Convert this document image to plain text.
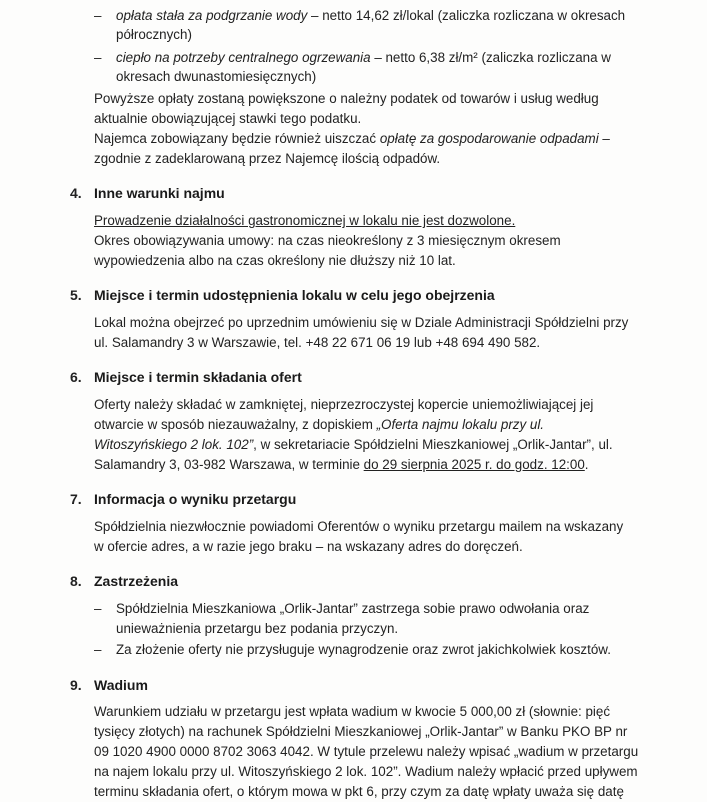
– opłata stała za podgrzanie wody – netto 14,62 zł/lokal (zaliczka rozliczana w okresach
półrocznych)
– ciepło na potrzeby centralnego ogrzewania – netto 6,38 zł/m² (zaliczka rozliczana w
okresach dwunastomiesięcznych)
Powyższe opłaty zostaną powiększone o należny podatek od towarów i usług według
aktualnie obowiązującej stawki tego podatku.
Najemca zobowiązany będzie również uiszczać opłatę za gospodarowanie odpadami –
zgodnie z zadeklarowaną przez Najemcę ilością odpadów.
4. Inne warunki najmu
Prowadzenie działalności gastronomicznej w lokalu nie jest dozwolone.
Okres obowiązywania umowy: na czas nieokreślony z 3 miesięcznym okresem
wypowiedzenia albo na czas określony nie dłuższy niż 10 lat.
5. Miejsce i termin udostępnienia lokalu w celu jego obejrzenia
Lokal można obejrzeć po uprzednim umówieniu się w Dziale Administracji Spółdzielni przy
ul. Salamandry 3 w Warszawie, tel. +48 22 671 06 19 lub +48 694 490 582.
6. Miejsce i termin składania ofert
Oferty należy składać w zamkniętej, nieprzezroczystej kopercie uniemożliwiającej jej
otwarcie w sposób niezauważalny, z dopiskiem „Oferta najmu lokalu przy ul.
Witoszyńskiego 2 lok. 102”, w sekretariacie Spółdzielni Mieszkaniowej „Orlik-Jantar”, ul.
Salamandry 3, 03-982 Warszawa, w terminie do 29 sierpnia 2025 r. do godz. 12:00.
7. Informacja o wyniku przetargu
Spółdzielnia niezwłocznie powiadomi Oferentów o wyniku przetargu mailem na wskazany
w ofercie adres, a w razie jego braku – na wskazany adres do doręczeń.
8. Zastrzeżenia
– Spółdzielnia Mieszkaniowa „Orlik-Jantar” zastrzega sobie prawo odwołania oraz
unieważnienia przetargu bez podania przyczyn.
– Za złożenie oferty nie przysługuje wynagrodzenie oraz zwrot jakichkolwiek kosztów.
9. Wadium
Warunkiem udziału w przetargu jest wpłata wadium w kwocie 5 000,00 zł (słownie: pięć
tysięcy złotych) na rachunek Spółdzielni Mieszkaniowej „Orlik-Jantar” w Banku PKO BP nr
09 1020 4900 0000 8702 3063 4042. W tytule przelewu należy wpisać „wadium w przetargu
na najem lokalu przy ul. Witoszyńskiego 2 lok. 102”. Wadium należy wpłacić przed upływem
terminu składania ofert, o którym mowa w pkt 6, przy czym za datę wpłaty uważa się datę
